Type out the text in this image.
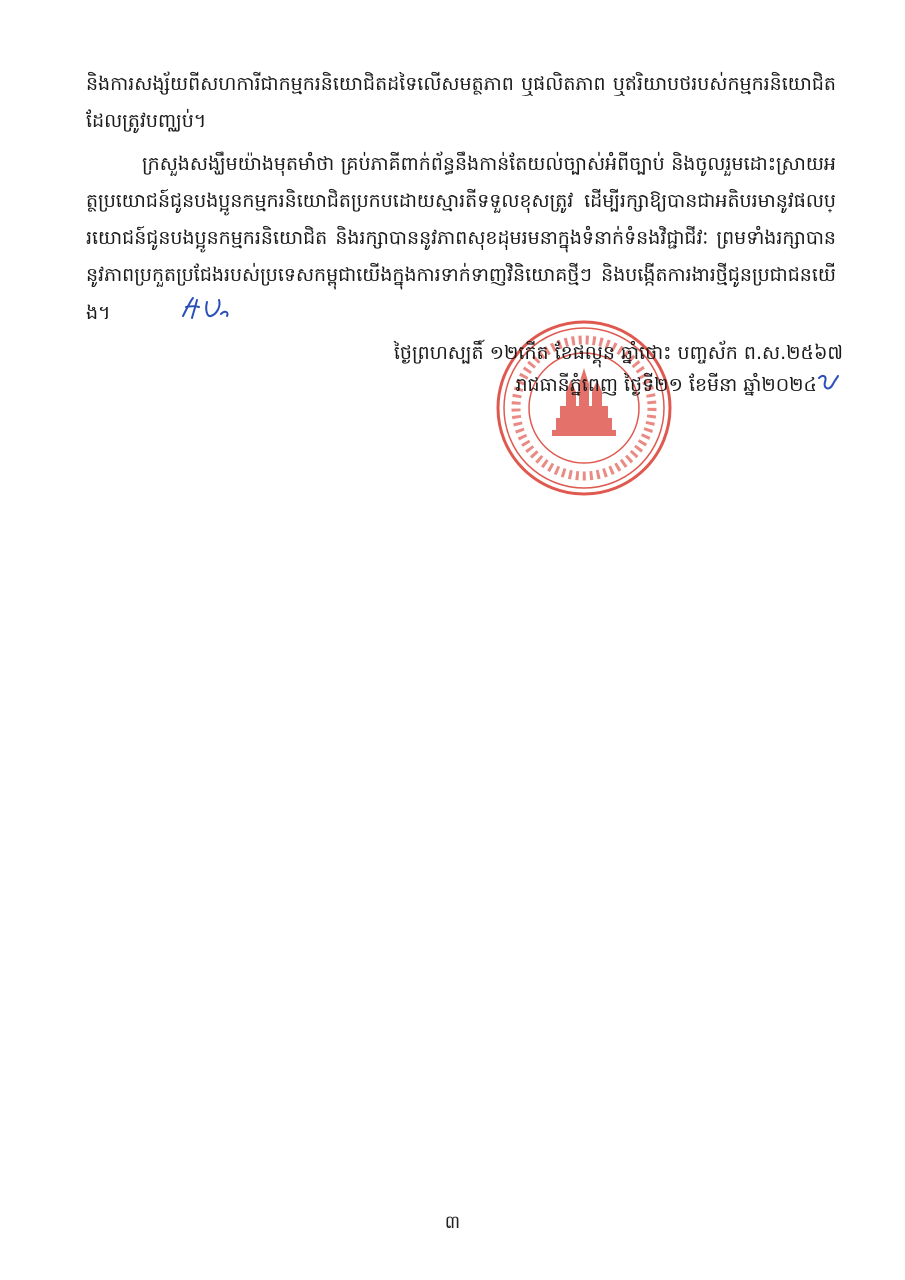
និងការសង្ស័យពីសហការីជាកម្មករនិយោជិតដទៃលើសមត្ថភាព ឬផលិតភាព ឬឥរិយាបថរបស់កម្មករនិយោជិតដែលត្រូវបញ្ឈប់។
ក្រសួងសង្ឃឹមយ៉ាងមុតមាំថា គ្រប់ភាគីពាក់ព័ន្ធនឹងកាន់តែយល់ច្បាស់អំពីច្បាប់ និងចូលរួមដោះស្រាយអត្ថប្រយោជន៍ជូនបងប្អូនកម្មករនិយោជិតប្រកបដោយស្មារតីទទួលខុសត្រូវ ដើម្បីរក្សាឱ្យបានជាអតិបរមានូវផលប្រយោជន៍ជូនបងប្អូនកម្មករនិយោជិត និងរក្សាបាននូវភាពសុខដុមរមនាក្នុងទំនាក់ទំនងវិជ្ជាជីវៈ ព្រមទាំងរក្សាបាននូវភាពប្រកួតប្រជែងរបស់ប្រទេសកម្ពុជាយើងក្នុងការទាក់ទាញវិនិយោគថ្មីៗ និងបង្កើតការងារថ្មីជូនប្រជាជនយើង។
ថ្ងៃព្រហស្បតិ៍ ១២កើត ខែផល្គុន ឆ្នាំថោះ បញ្ចស័ក ព.ស.២៥៦៧
រាជធានីភ្នំពេញ ថ្ងៃទី២១ ខែមីនា ឆ្នាំ២០២៤
៣
